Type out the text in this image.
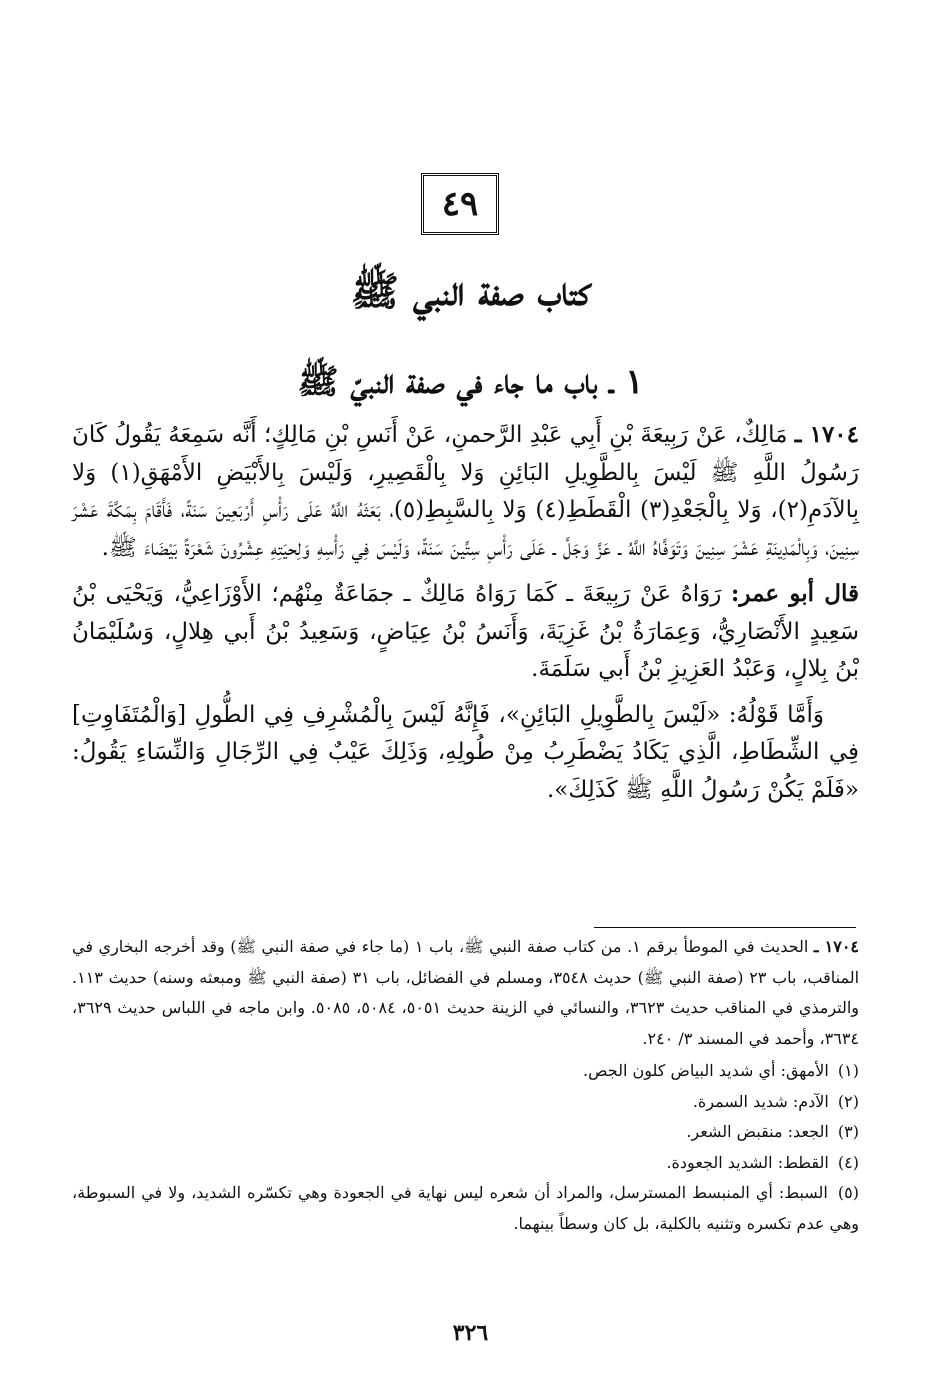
٤٩
كتاب صفة النبي ﷺ
١ ـ باب ما جاء في صفة النبيّ ﷺ

١٧٠٤ ـ مَالِكٌ، عَنْ رَبِيعَةَ بْنِ أَبِي عَبْدِ الرَّحمنِ، عَنْ أَنَسِ بْنِ مَالِكٍ؛ أَنَّه سَمِعَهُ يَقُولُ كَانَ رَسُولُ اللَّهِ ﷺ لَيْسَ بِالطَّوِيلِ البَائِنِ وَلا بِالْقَصِيرِ، وَلَيْسَ بِالأَبْيَضِ الأَمْهَقِ(١) وَلا بِالآدَمِ(٢)، وَلا بِالْجَعْدِ(٣) الْقَطَطِ(٤) وَلا بِالسَّبِطِ(٥)، بَعَثَهُ اللَّهُ عَلَى رَأْسِ أَرْبَعِينَ سَنَةً، فَأَقَامَ بِمَكَّةَ عَشْرَ سِنِينَ، وَبِالْمَدِينَةِ عَشْرَ سِنِينَ وَتَوَفَّاهُ اللَّهُ ـ عَزَّ وَجَلَّ ـ عَلَى رَأْسِ سِتِّينَ سَنَةً، وَلَيْسَ فِي رَأْسِهِ وَلِحيَتِهِ عِشْرُونَ شَعْرَةً بَيْضَاءَ ﷺ.

قال أبو عمر: رَوَاهُ عَنْ رَبِيعَةَ ـ كَمَا رَوَاهُ مَالِكٌ ـ جمَاعَةٌ مِنْهُم؛ الأَوْزَاعِيُّ، وَيَحْيَى بْنُ سَعِيدٍ الأَنْصَارِيُّ، وَعِمَارَةُ بْنُ غَزِيَةَ، وَأَنَسُ بْنُ عِيَاضٍ، وَسَعِيدُ بْنُ أَبي هِلالٍ، وَسُلَيْمَانُ بْنُ بِلالٍ، وَعَبْدُ العَزِيزِ بْنُ أَبي سَلَمَةَ.

وَأَمَّا قَوْلُهُ: «لَيْسَ بِالطَّوِيلِ البَائِنِ»، فَإِنَّهُ لَيْسَ بِالْمُشْرِفِ فِي الطُّولِ [وَالْمُتَفَاوِتِ] فِي الشِّطَاطِ، الَّذِي يَكَادُ يَضْطَرِبُ مِنْ طُولِهِ، وَذَلِكَ عَيْبٌ فِي الرِّجَالِ وَالنِّسَاءِ يَقُولُ: «فَلَمْ يَكُنْ رَسُولُ اللَّهِ ﷺ كَذَلِكَ».

١٧٠٤ ـ الحديث في الموطأ برقم ١. من كتاب صفة النبي ﷺ، باب ١ (ما جاء في صفة النبي ﷺ) وقد أخرجه البخاري في المناقب، باب ٢٣ (صفة النبي ﷺ) حديث ٣٥٤٨، ومسلم في الفضائل، باب ٣١ (صفة النبي ﷺ ومبعثه وسنه) حديث ١١٣. والترمذي في المناقب حديث ٣٦٢٣، والنسائي في الزينة حديث ٥٠٥١، ٥٠٨٤، ٥٠٨٥. وابن ماجه في اللباس حديث ٣٦٢٩، ٣٦٣٤، وأحمد في المسند ٣/ ٢٤٠.

(١) الأمهق: أي شديد البياض كلون الجص.

(٢) الآدم: شديد السمرة.

(٣) الجعد: منقبض الشعر.

(٤) القطط: الشديد الجعودة.

(٥) السبط: أي المنبسط المسترسل، والمراد أن شعره ليس نهاية في الجعودة وهي تكسّره الشديد، ولا في السبوطة، وهي عدم تكسره وتثنيه بالكلية، بل كان وسطاً بينهما.

٣٢٦
